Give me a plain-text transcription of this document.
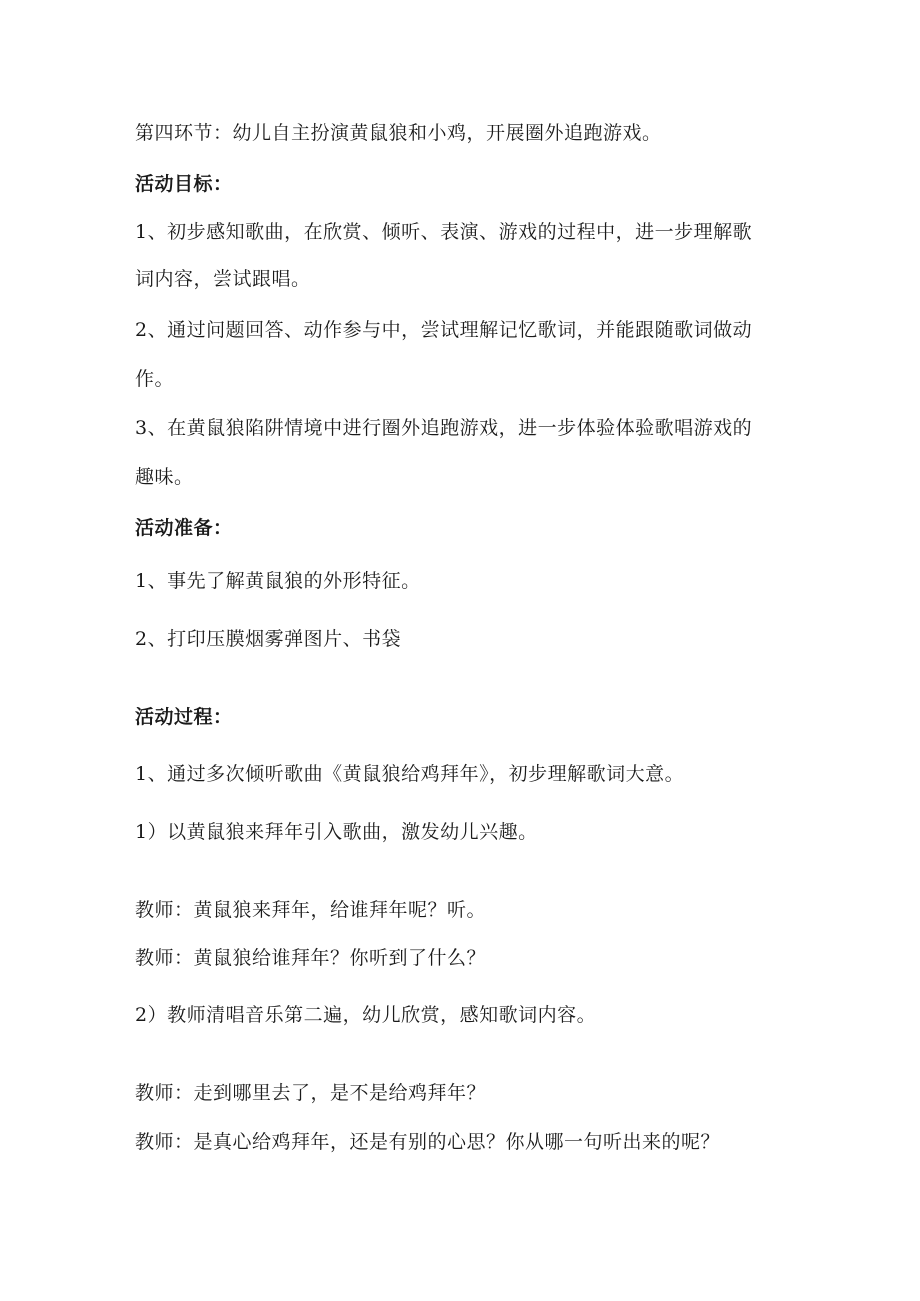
第四环节：幼儿自主扮演黄鼠狼和小鸡，开展圈外追跑游戏。
活动目标：
1、初步感知歌曲，在欣赏、倾听、表演、游戏的过程中，进一步理解歌
词内容，尝试跟唱。
2、通过问题回答、动作参与中，尝试理解记忆歌词，并能跟随歌词做动
作。
3、在黄鼠狼陷阱情境中进行圈外追跑游戏，进一步体验体验歌唱游戏的
趣味。
活动准备：
1、事先了解黄鼠狼的外形特征。
2、打印压膜烟雾弹图片、书袋
活动过程：
1、通过多次倾听歌曲《黄鼠狼给鸡拜年》，初步理解歌词大意。
1）以黄鼠狼来拜年引入歌曲，激发幼儿兴趣。
教师：黄鼠狼来拜年，给谁拜年呢？听。
教师：黄鼠狼给谁拜年？你听到了什么？
2）教师清唱音乐第二遍，幼儿欣赏，感知歌词内容。
教师：走到哪里去了，是不是给鸡拜年？
教师：是真心给鸡拜年，还是有别的心思？你从哪一句听出来的呢？
